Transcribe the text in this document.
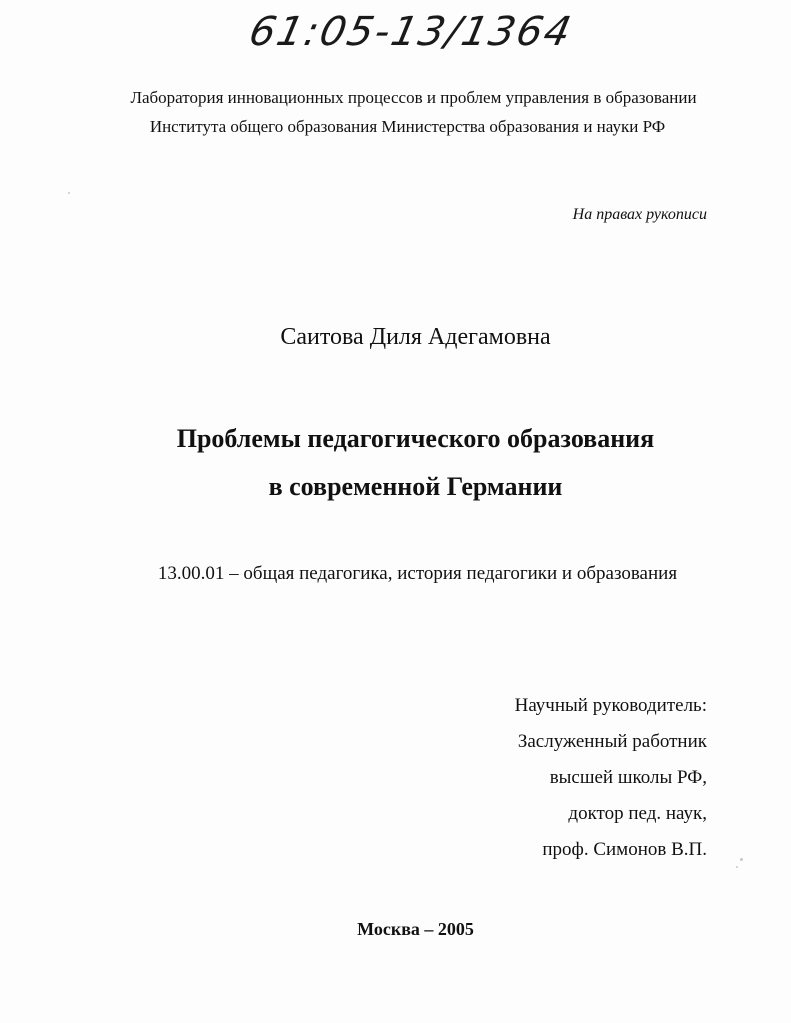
61:05-13/1364
Лаборатория инновационных процессов и проблем управления в образовании
Института общего образования Министерства образования и науки РФ
На правах рукописи
Саитова Диля Адегамовна
Проблемы педагогического образования
в современной Германии
13.00.01 – общая педагогика, история педагогики и образования
Научный руководитель:
Заслуженный работник
высшей школы РФ,
доктор пед. наук,
проф. Симонов В.П.
Москва – 2005
